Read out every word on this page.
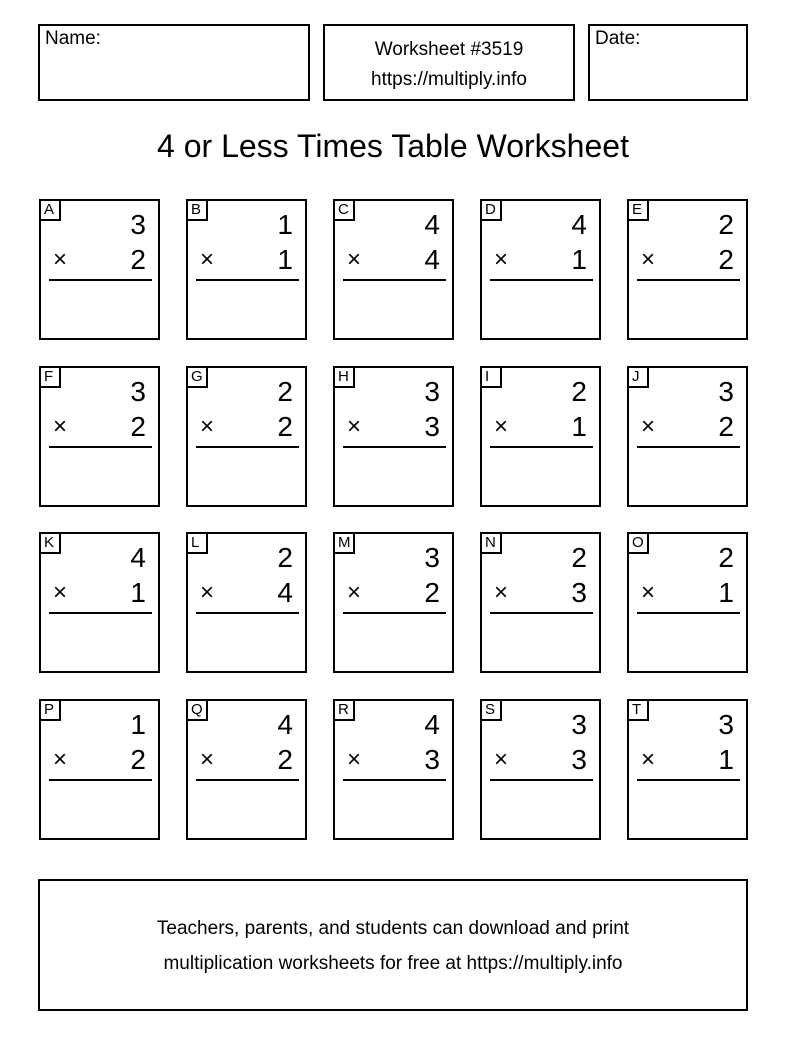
Name:
Worksheet #3519
https://multiply.info
Date:
4 or Less Times Table Worksheet
A	3
× 2
B	1
× 1
C	4
× 4
D	4
× 1
E	2
× 2
F	3
× 2
G	2
× 2
H	3
× 3
I	2
× 1
J	3
× 2
K	4
× 1
L	2
× 4
M	3
× 2
N	2
× 3
O	2
× 1
P	1
× 2
Q	4
× 2
R	4
× 3
S	3
× 3
T	3
× 1
Teachers, parents, and students can download and print
multiplication worksheets for free at https://multiply.info
